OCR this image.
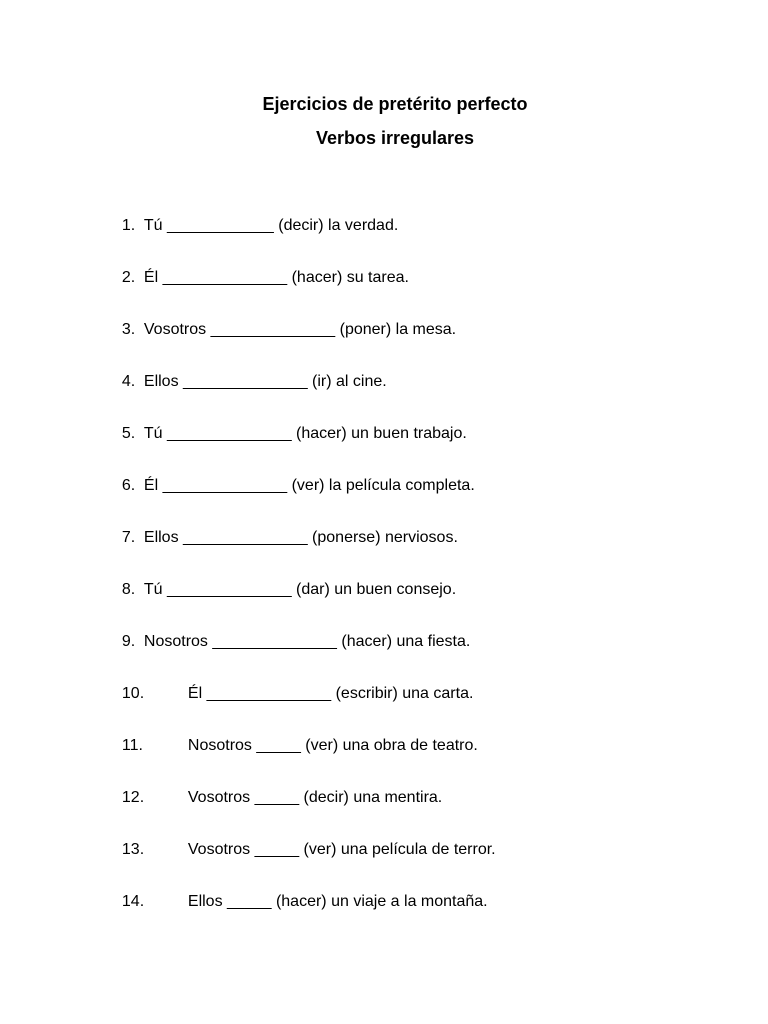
Ejercicios de pretérito perfecto
Verbos irregulares

1. Tú ____________ (decir) la verdad.

2. Él ______________ (hacer) su tarea.

3. Vosotros ______________ (poner) la mesa.

4. Ellos ______________ (ir) al cine.

5. Tú ______________ (hacer) un buen trabajo.

6. Él ______________ (ver) la película completa.

7. Ellos ______________ (ponerse) nerviosos.

8. Tú ______________ (dar) un buen consejo.

9. Nosotros ______________ (hacer) una fiesta.

10.	Él ______________ (escribir) una carta.

11.	Nosotros _____ (ver) una obra de teatro.

12.	Vosotros _____ (decir) una mentira.

13.	Vosotros _____ (ver) una película de terror.

14.	Ellos _____ (hacer) un viaje a la montaña.
